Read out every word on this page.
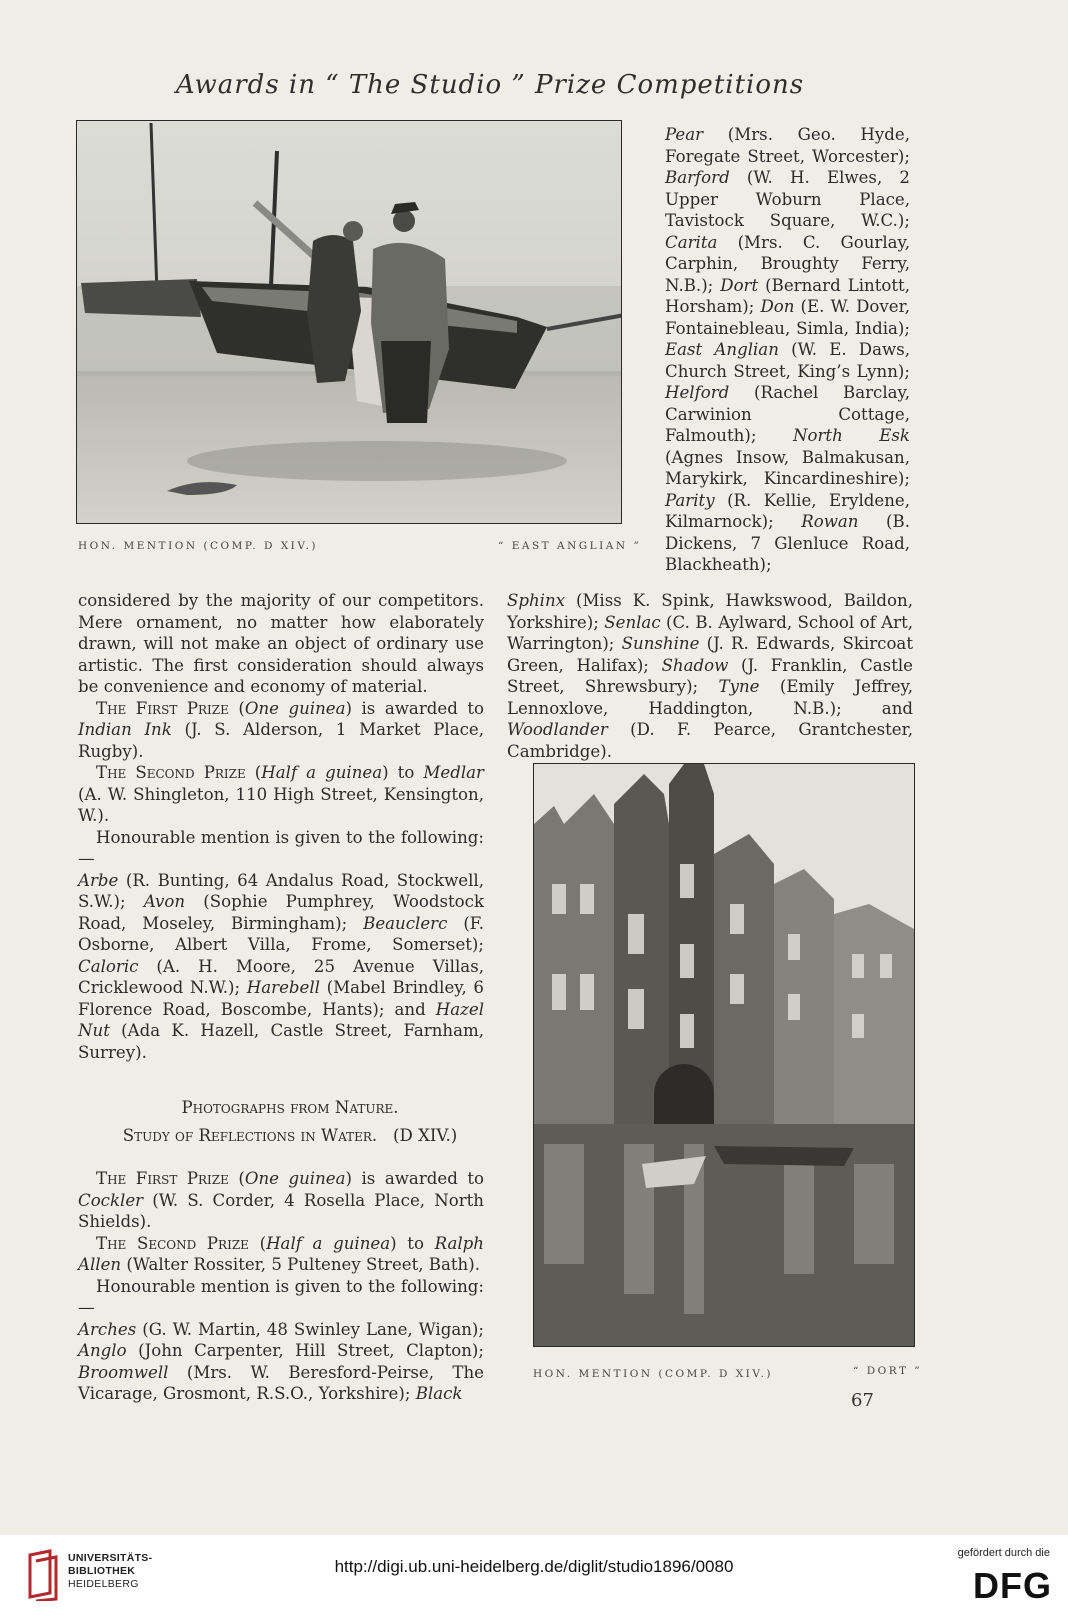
Awards in “ The Studio ” Prize Competitions
HON. MENTION (COMP. D XIV.)	“ EAST ANGLIAN ”
HON. MENTION (COMP. D XIV.)	“ DORT ”
67

considered by the majority of our competitors. Mere ornament, no matter how elaborately drawn, will not make an object of ordinary use artistic. The first consideration should always be convenience and economy of material.

The First Prize (One guinea) is awarded to Indian Ink (J. S. Alderson, 1 Market Place, Rugby).

The Second Prize (Half a guinea) to Medlar (A. W. Shingleton, 110 High Street, Kensington, W.).

Honourable mention is given to the following:—

Arbe (R. Bunting, 64 Andalus Road, Stockwell, S.W.); Avon (Sophie Pumphrey, Woodstock Road, Moseley, Birmingham); Beauclerc (F. Osborne, Albert Villa, Frome, Somerset); Caloric (A. H. Moore, 25 Avenue Villas, Cricklewood N.W.); Harebell (Mabel Brindley, 6 Florence Road, Boscombe, Hants); and Hazel Nut (Ada K. Hazell, Castle Street, Farnham, Surrey).

Photographs from Nature.

Study of Reflections in Water. (D XIV.)

The First Prize (One guinea) is awarded to Cockler (W. S. Corder, 4 Rosella Place, North Shields).

The Second Prize (Half a guinea) to Ralph Allen (Walter Rossiter, 5 Pulteney Street, Bath).

Honourable mention is given to the following:—

Arches (G. W. Martin, 48 Swinley Lane, Wigan); Anglo (John Carpenter, Hill Street, Clapton); Broomwell (Mrs. W. Beresford-Peirse, The Vicarage, Grosmont, R.S.O., Yorkshire); Black

Pear (Mrs. Geo. Hyde, Foregate Street, Worcester); Barford (W. H. Elwes, 2 Upper Woburn Place, Tavistock Square, W.C.); Carita (Mrs. C. Gourlay, Carphin, Broughty Ferry, N.B.); Dort (Bernard Lintott, Horsham); Don (E. W. Dover, Fontainebleau, Simla, India); East Anglian (W. E. Daws, Church Street, King’s Lynn); Helford (Rachel Barclay, Carwinion Cottage, Falmouth); North Esk (Agnes Insow, Balmakusan, Marykirk, Kincardineshire); Parity (R. Kellie, Eryldene, Kilmarnock); Rowan (B. Dickens, 7 Glenluce Road, Blackheath);

Sphinx (Miss K. Spink, Hawkswood, Baildon, Yorkshire); Senlac (C. B. Aylward, School of Art, Warrington); Sunshine (J. R. Edwards, Skircoat Green, Halifax); Shadow (J. Franklin, Castle Street, Shrewsbury); Tyne (Emily Jeffrey, Lennoxlove, Haddington, N.B.); and Woodlander (D. F. Pearce, Grantchester, Cambridge).

UNIVERSITÄTS-
BIBLIOTHEK
HEIDELBERG
http://digi.ub.uni-heidelberg.de/diglit/studio1896/0080
gefördert durch die
DFG
